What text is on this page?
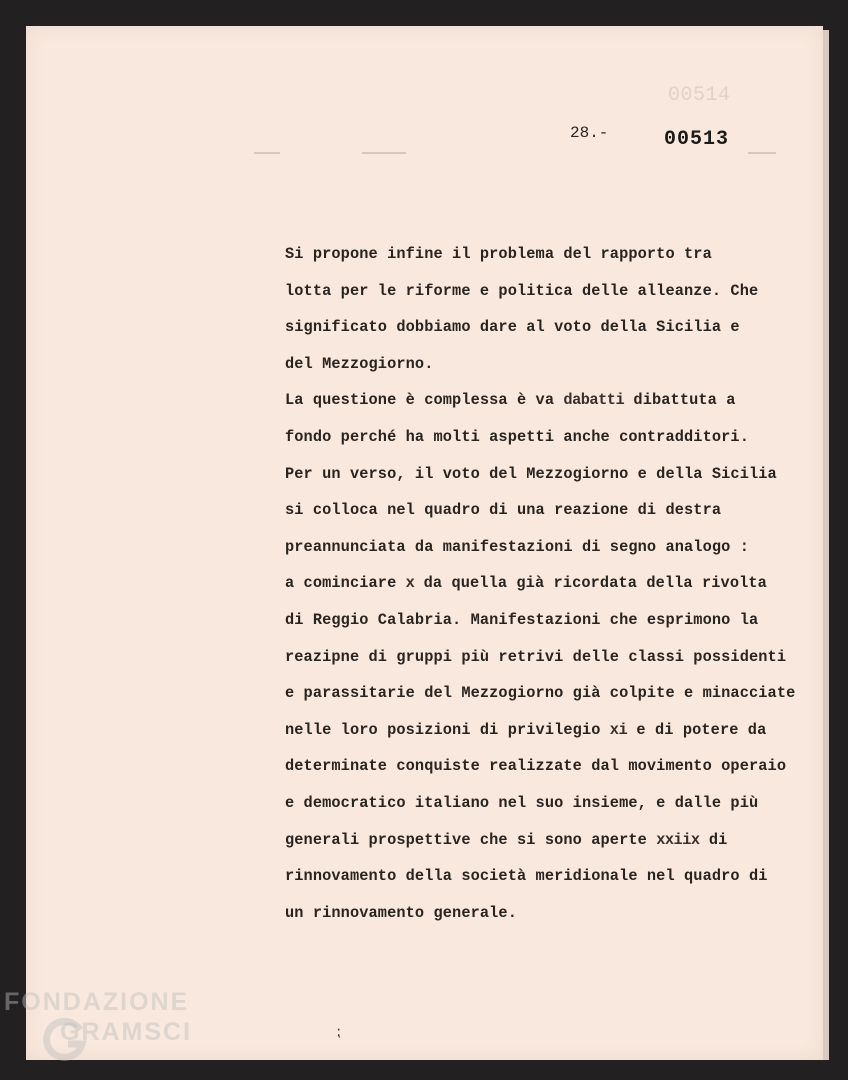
00514
28.-	00513
Si propone infine il problema del rapporto tra
lotta per le riforme e politica delle alleanze. Che
significato dobbiamo dare al voto della Sicilia e
del Mezzogiorno.
La questione è complessa è va dabatti dibattuta a
fondo perché ha molti aspetti anche contradditori.
Per un verso, il voto del Mezzogiorno e della Sicilia
si colloca nel quadro di una reazione di destra
preannunciata da manifestazioni di segno analogo :
a cominciare x da quella già ricordata della rivolta
di Reggio Calabria. Manifestazioni che esprimono la
reazipne di gruppi più retrivi delle classi possidenti
e parassitarie del Mezzogiorno già colpite e minacciate
nelle loro posizioni di privilegio xi e di potere da
determinate conquiste realizzate dal movimento operaio
e democratico italiano nel suo insieme, e dalle più
generali prospettive che si sono aperte xxiix di
rinnovamento della società meridionale nel quadro di
un rinnovamento generale.
⁏
FONDAZIONE
GRAMSCI
